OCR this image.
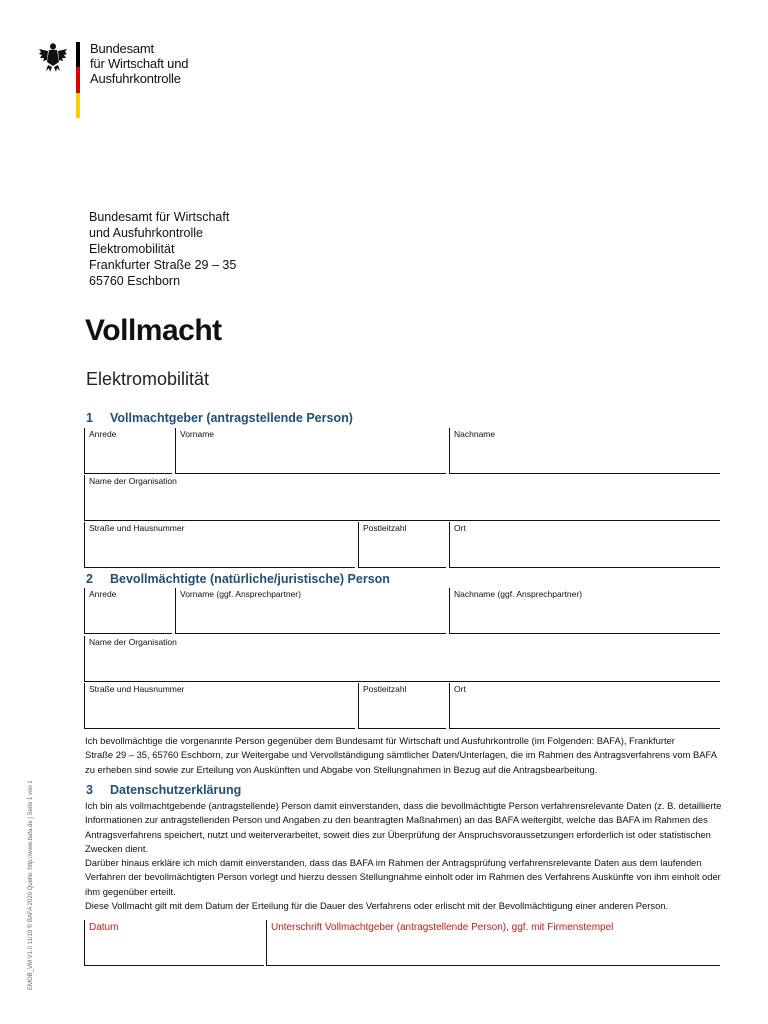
Bundesamt
für Wirtschaft und
Ausfuhrkontrolle
Bundesamt für Wirtschaft
und Ausfuhrkontrolle
Elektromobilität
Frankfurter Straße 29 – 35
65760 Eschborn
Vollmacht
Elektromobilität
1 Vollmachtgeber (antragstellende Person)
Anrede	Vorname	Nachname
Name der Organisation
Straße und Hausnummer	Postleitzahl	Ort
2 Bevollmächtigte (natürliche/juristische) Person
Anrede	Vorname (ggf. Ansprechpartner)	Nachname (ggf. Ansprechpartner)
Name der Organisation
Straße und Hausnummer	Postleitzahl	Ort
Ich bevollmächtige die vorgenannte Person gegenüber dem Bundesamt für Wirtschaft und Ausfuhrkontrolle (im Folgenden: BAFA), Frankfurter
Straße 29 – 35, 65760 Eschborn, zur Weitergabe und Vervollständigung sämtlicher Daten/Unterlagen, die im Rahmen des Antragsverfahrens vom BAFA
zu erheben sind sowie zur Erteilung von Auskünften und Abgabe von Stellungnahmen in Bezug auf die Antragsbearbeitung.
3 Datenschutzerklärung
Ich bin als vollmachtgebende (antragstellende) Person damit einverstanden, dass die bevollmächtigte Person verfahrensrelevante Daten (z. B. detaillierte
Informationen zur antragstellenden Person und Angaben zu den beantragten Maßnahmen) an das BAFA weitergibt, welche das BAFA im Rahmen des
Antragsverfahrens speichert, nutzt und weiterverarbeitet, soweit dies zur Überprüfung der Anspruchsvoraussetzungen erforderlich ist oder statistischen
Zwecken dient.
Darüber hinaus erkläre ich mich damit einverstanden, dass das BAFA im Rahmen der Antragsprüfung verfahrensrelevante Daten aus dem laufenden
Verfahren der bevollmächtigten Person vorlegt und hierzu dessen Stellungnahme einholt oder im Rahmen des Verfahrens Auskünfte von ihm einholt oder
ihm gegenüber erteilt.
Diese Vollmacht gilt mit dem Datum der Erteilung für die Dauer des Verfahrens oder erlischt mit der Bevollmächtigung einer anderen Person.
Datum	Unterschrift Vollmachtgeber (antragstellende Person), ggf. mit Firmenstempel
EMOB_VM V1.0 11/19 © BAFA 2020 Quelle: http://www.bafa.de | Seite 1 von 1
